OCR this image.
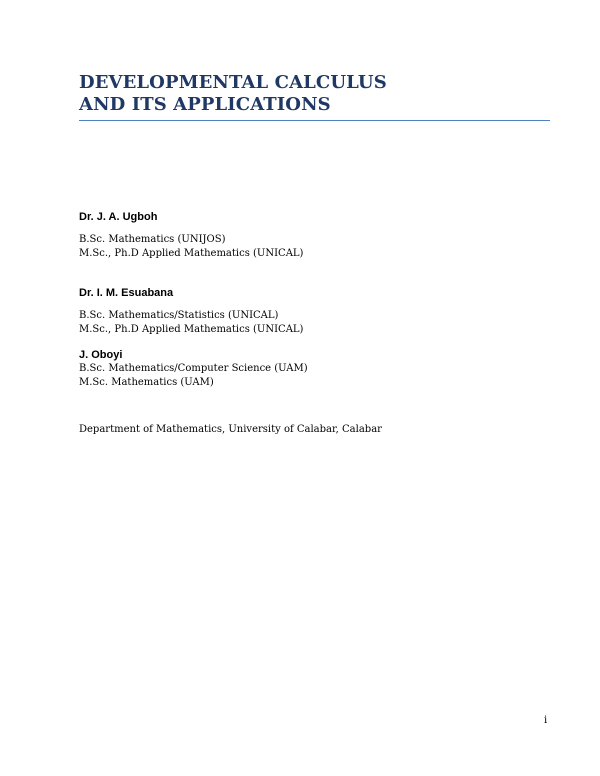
DEVELOPMENTAL CALCULUS
AND ITS APPLICATIONS

Dr. J. A. Ugboh

B.Sc. Mathematics (UNIJOS)

M.Sc., Ph.D Applied Mathematics (UNICAL)

Dr. I. M. Esuabana

B.Sc. Mathematics/Statistics (UNICAL)

M.Sc., Ph.D Applied Mathematics (UNICAL)

J. Oboyi

B.Sc. Mathematics/Computer Science (UAM)

M.Sc. Mathematics (UAM)

Department of Mathematics, University of Calabar, Calabar

i
